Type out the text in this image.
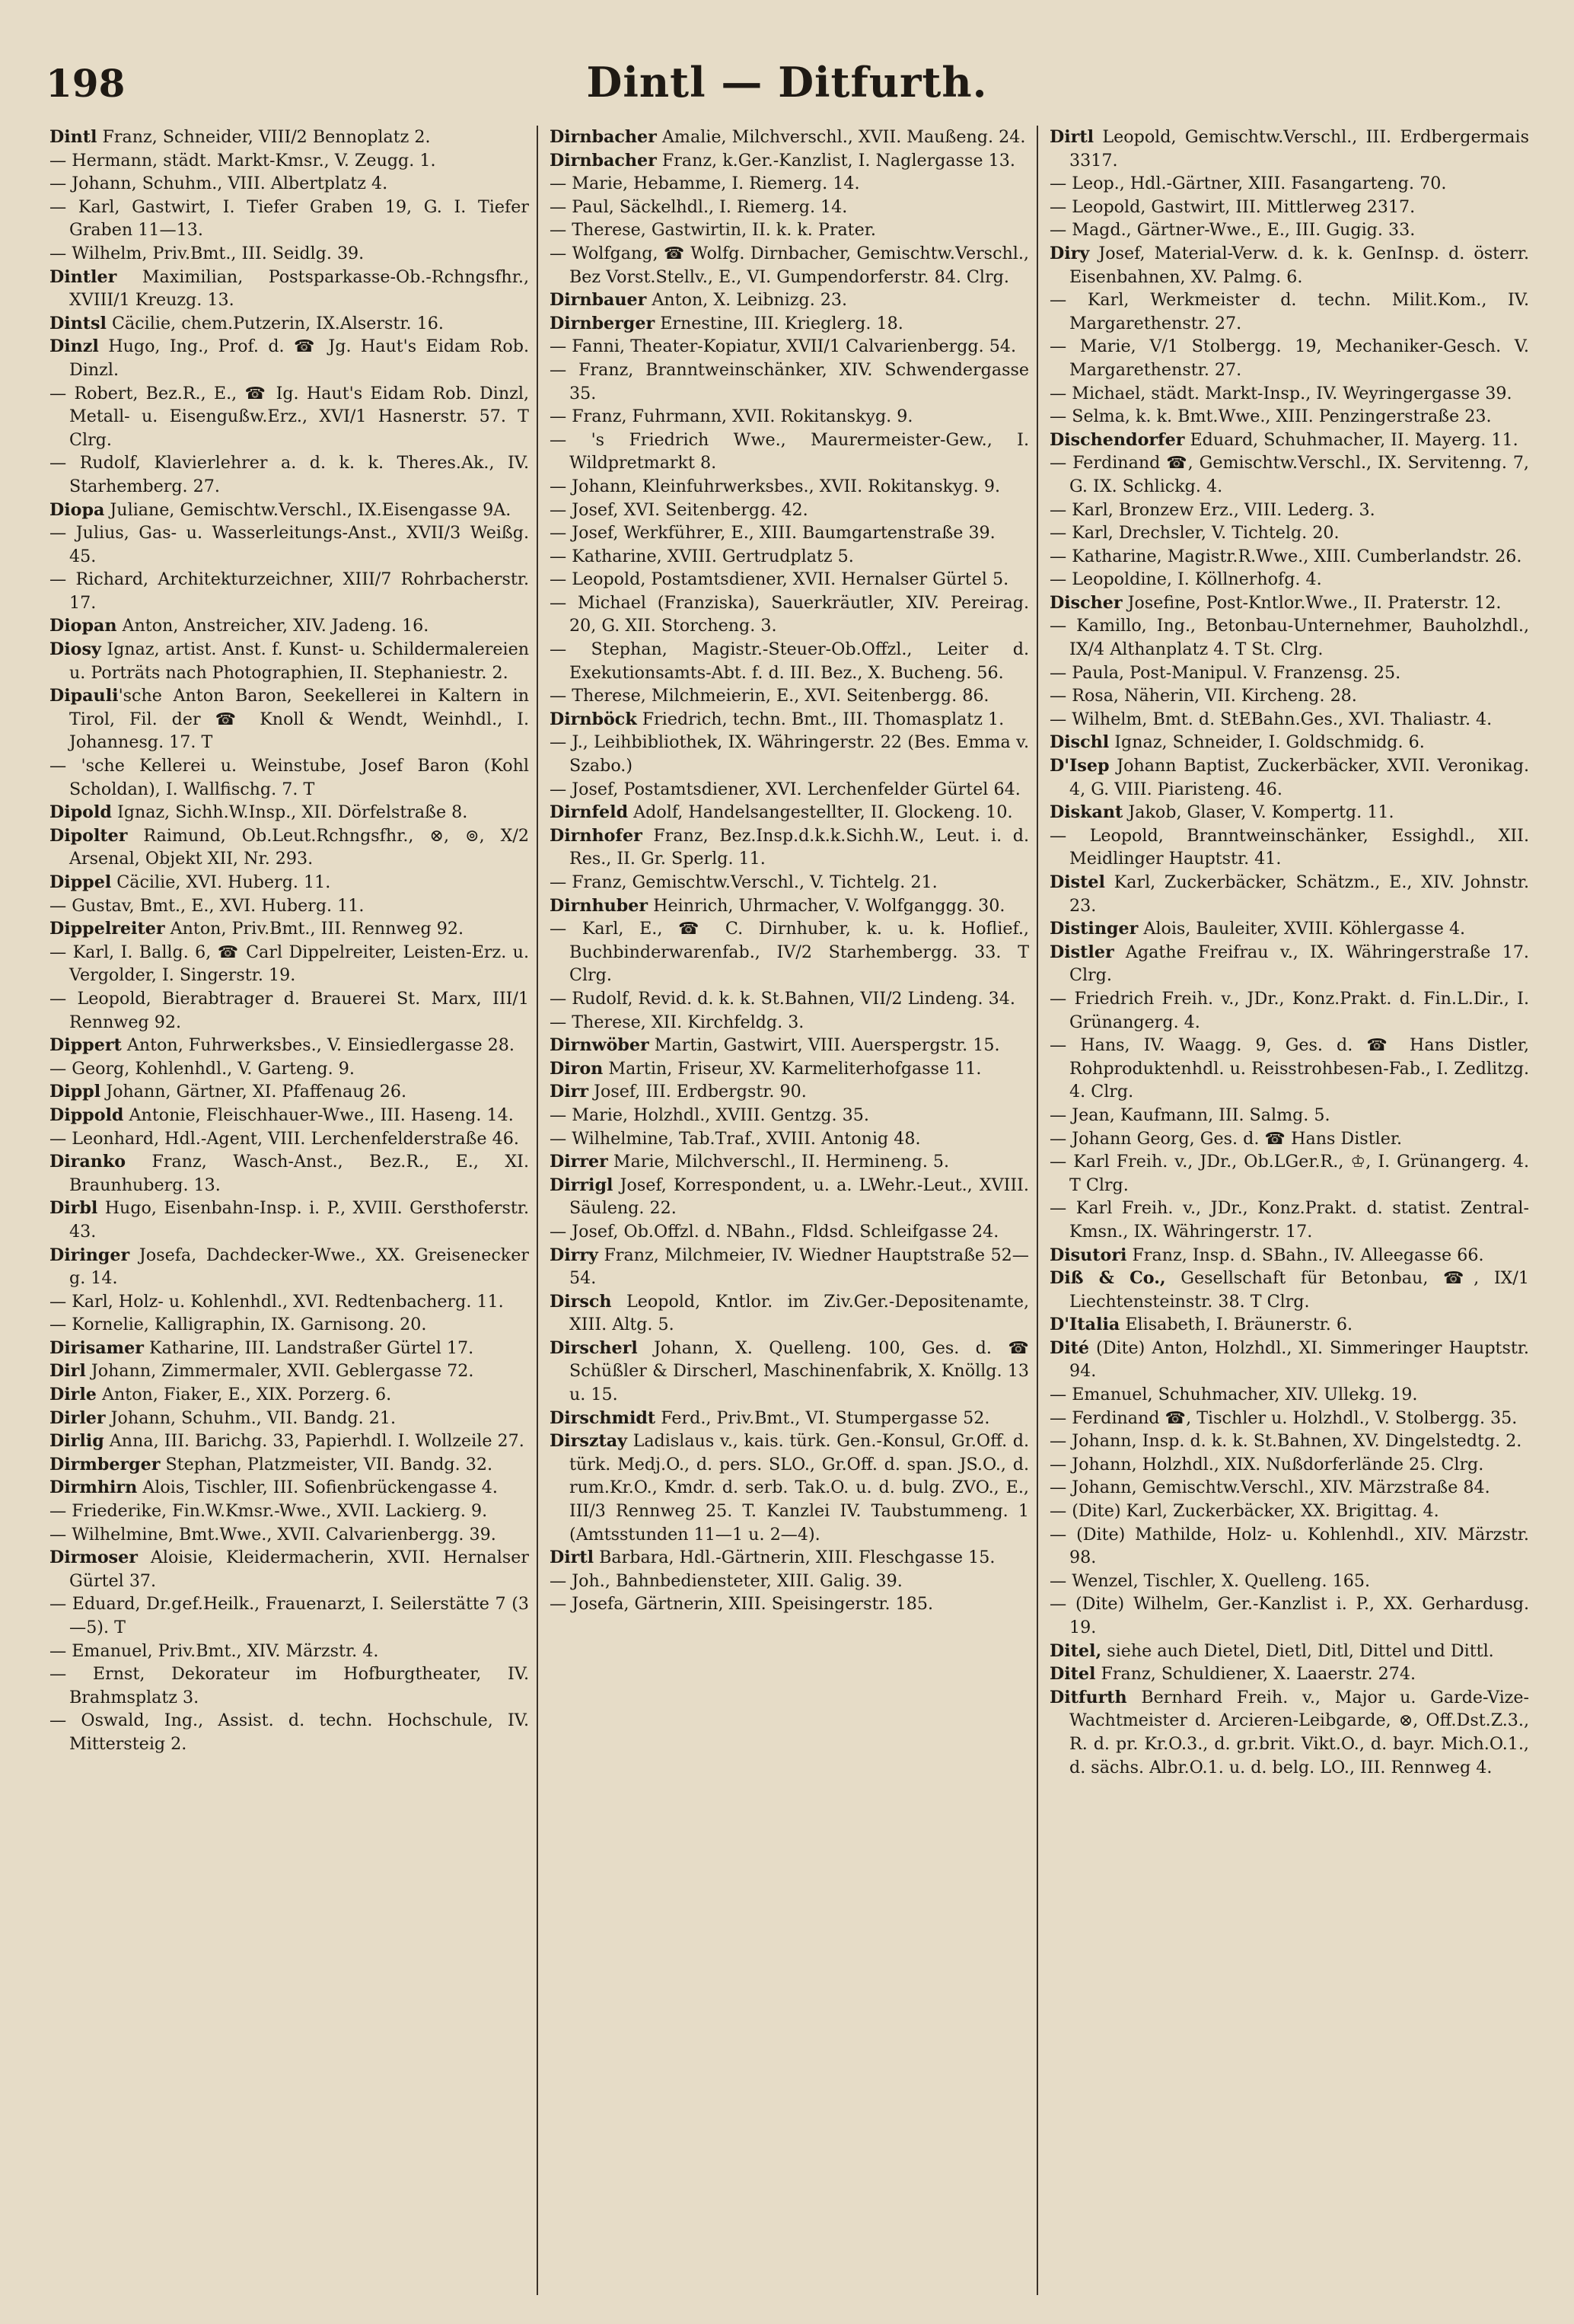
198	Dintl — Ditfurth.

Dintl Franz, Schneider, VIII/2 Bennoplatz 2.

— Hermann, städt. Markt-Kmsr., V. Zeugg. 1.

— Johann, Schuhm., VIII. Albertplatz 4.

— Karl, Gastwirt, I. Tiefer Graben 19, G. I. Tiefer Graben 11—13.

— Wilhelm, Priv.Bmt., III. Seidlg. 39.

Dintler Maximilian, Postsparkasse-Ob.-Rchngsfhr., XVIII/1 Kreuzg. 13.

Dintsl Cäcilie, chem.Putzerin, IX.Alserstr. 16.

Dinzl Hugo, Ing., Prof. d. ☎ Jg. Haut's Eidam Rob. Dinzl.

— Robert, Bez.R., E., ☎ Ig. Haut's Eidam Rob. Dinzl, Metall- u. Eisengußw.Erz., XVI/1 Hasnerstr. 57. T Clrg.

— Rudolf, Klavierlehrer a. d. k. k. Theres.Ak., IV. Starhemberg. 27.

Diopa Juliane, Gemischtw.Verschl., IX.Eisengasse 9A.

— Julius, Gas- u. Wasserleitungs-Anst., XVII/3 Weißg. 45.

— Richard, Architekturzeichner, XIII/7 Rohrbacherstr. 17.

Diopan Anton, Anstreicher, XIV. Jadeng. 16.

Diosy Ignaz, artist. Anst. f. Kunst- u. Schildermalereien u. Porträts nach Photographien, II. Stephaniestr. 2.

Dipauli'sche Anton Baron, Seekellerei in Kaltern in Tirol, Fil. der ☎ Knoll & Wendt, Weinhdl., I. Johannesg. 17. T

— 'sche Kellerei u. Weinstube, Josef Baron (Kohl Scholdan), I. Wallfischg. 7. T

Dipold Ignaz, Sichh.W.Insp., XII. Dörfelstraße 8.

Dipolter Raimund, Ob.Leut.Rchngsfhr., ⊗, ⊚, X/2 Arsenal, Objekt XII, Nr. 293.

Dippel Cäcilie, XVI. Huberg. 11.

— Gustav, Bmt., E., XVI. Huberg. 11.

Dippelreiter Anton, Priv.Bmt., III. Rennweg 92.

— Karl, I. Ballg. 6, ☎ Carl Dippelreiter, Leisten-Erz. u. Vergolder, I. Singerstr. 19.

— Leopold, Bierabtrager d. Brauerei St. Marx, III/1 Rennweg 92.

Dippert Anton, Fuhrwerksbes., V. Einsiedlergasse 28.

— Georg, Kohlenhdl., V. Garteng. 9.

Dippl Johann, Gärtner, XI. Pfaffenaug 26.

Dippold Antonie, Fleischhauer-Wwe., III. Haseng. 14.

— Leonhard, Hdl.-Agent, VIII. Lerchenfelderstraße 46.

Diranko Franz, Wasch-Anst., Bez.R., E., XI. Braunhuberg. 13.

Dirbl Hugo, Eisenbahn-Insp. i. P., XVIII. Gersthoferstr. 43.

Diringer Josefa, Dachdecker-Wwe., XX. Greisenecker g. 14.

— Karl, Holz- u. Kohlenhdl., XVI. Redtenbacherg. 11.

— Kornelie, Kalligraphin, IX. Garnisong. 20.

Dirisamer Katharine, III. Landstraßer Gürtel 17.

Dirl Johann, Zimmermaler, XVII. Geblergasse 72.

Dirle Anton, Fiaker, E., XIX. Porzerg. 6.

Dirler Johann, Schuhm., VII. Bandg. 21.

Dirlig Anna, III. Barichg. 33, Papierhdl. I. Wollzeile 27.

Dirmberger Stephan, Platzmeister, VII. Bandg. 32.

Dirmhirn Alois, Tischler, III. Sofienbrückengasse 4.

— Friederike, Fin.W.Kmsr.-Wwe., XVII. Lackierg. 9.

— Wilhelmine, Bmt.Wwe., XVII. Calvarienbergg. 39.

Dirmoser Aloisie, Kleidermacherin, XVII. Hernalser Gürtel 37.

— Eduard, Dr.gef.Heilk., Frauenarzt, I. Seilerstätte 7 (3—5). T

— Emanuel, Priv.Bmt., XIV. Märzstr. 4.

— Ernst, Dekorateur im Hofburgtheater, IV. Brahmsplatz 3.

— Oswald, Ing., Assist. d. techn. Hochschule, IV. Mittersteig 2.

Dirnbacher Amalie, Milchverschl., XVII. Maußeng. 24.

Dirnbacher Franz, k.Ger.-Kanzlist, I. Naglergasse 13.

— Marie, Hebamme, I. Riemerg. 14.

— Paul, Säckelhdl., I. Riemerg. 14.

— Therese, Gastwirtin, II. k. k. Prater.

— Wolfgang, ☎ Wolfg. Dirnbacher, Gemischtw.Verschl., Bez Vorst.Stellv., E., VI. Gumpendorferstr. 84. Clrg.

Dirnbauer Anton, X. Leibnizg. 23.

Dirnberger Ernestine, III. Krieglerg. 18.

— Fanni, Theater-Kopiatur, XVII/1 Calvarienbergg. 54.

— Franz, Branntweinschänker, XIV. Schwendergasse 35.

— Franz, Fuhrmann, XVII. Rokitanskyg. 9.

— 's Friedrich Wwe., Maurermeister-Gew., I. Wildpretmarkt 8.

— Johann, Kleinfuhrwerksbes., XVII. Rokitanskyg. 9.

— Josef, XVI. Seitenbergg. 42.

— Josef, Werkführer, E., XIII. Baumgartenstraße 39.

— Katharine, XVIII. Gertrudplatz 5.

— Leopold, Postamtsdiener, XVII. Hernalser Gürtel 5.

— Michael (Franziska), Sauerkräutler, XIV. Pereirag. 20, G. XII. Storcheng. 3.

— Stephan, Magistr.-Steuer-Ob.Offzl., Leiter d. Exekutionsamts-Abt. f. d. III. Bez., X. Bucheng. 56.

— Therese, Milchmeierin, E., XVI. Seitenbergg. 86.

Dirnböck Friedrich, techn. Bmt., III. Thomasplatz 1.

— J., Leihbibliothek, IX. Währingerstr. 22 (Bes. Emma v. Szabo.)

— Josef, Postamtsdiener, XVI. Lerchenfelder Gürtel 64.

Dirnfeld Adolf, Handelsangestellter, II. Glockeng. 10.

Dirnhofer Franz, Bez.Insp.d.k.k.Sichh.W., Leut. i. d. Res., II. Gr. Sperlg. 11.

— Franz, Gemischtw.Verschl., V. Tichtelg. 21.

Dirnhuber Heinrich, Uhrmacher, V. Wolfganggg. 30.

— Karl, E., ☎ C. Dirnhuber, k. u. k. Hoflief., Buchbinderwarenfab., IV/2 Starhembergg. 33. T Clrg.

— Rudolf, Revid. d. k. k. St.Bahnen, VII/2 Lindeng. 34.

— Therese, XII. Kirchfeldg. 3.

Dirnwöber Martin, Gastwirt, VIII. Auerspergstr. 15.

Diron Martin, Friseur, XV. Karmeliterhofgasse 11.

Dirr Josef, III. Erdbergstr. 90.

— Marie, Holzhdl., XVIII. Gentzg. 35.

— Wilhelmine, Tab.Traf., XVIII. Antonig 48.

Dirrer Marie, Milchverschl., II. Hermineng. 5.

Dirrigl Josef, Korrespondent, u. a. LWehr.-Leut., XVIII. Säuleng. 22.

— Josef, Ob.Offzl. d. NBahn., Fldsd. Schleifgasse 24.

Dirry Franz, Milchmeier, IV. Wiedner Hauptstraße 52—54.

Dirsch Leopold, Kntlor. im Ziv.Ger.-Depositenamte, XIII. Altg. 5.

Dirscherl Johann, X. Quelleng. 100, Ges. d. ☎ Schüßler & Dirscherl, Maschinenfabrik, X. Knöllg. 13 u. 15.

Dirschmidt Ferd., Priv.Bmt., VI. Stumpergasse 52.

Dirsztay Ladislaus v., kais. türk. Gen.-Konsul, Gr.Off. d. türk. Medj.O., d. pers. SLO., Gr.Off. d. span. JS.O., d. rum.Kr.O., Kmdr. d. serb. Tak.O. u. d. bulg. ZVO., E., III/3 Rennweg 25. T. Kanzlei IV. Taubstummeng. 1 (Amtsstunden 11—1 u. 2—4).

Dirtl Barbara, Hdl.-Gärtnerin, XIII. Fleschgasse 15.

— Joh., Bahnbediensteter, XIII. Galig. 39.

— Josefa, Gärtnerin, XIII. Speisingerstr. 185.

Dirtl Leopold, Gemischtw.Verschl., III. Erdbergermais 3317.

— Leop., Hdl.-Gärtner, XIII. Fasangarteng. 70.

— Leopold, Gastwirt, III. Mittlerweg 2317.

— Magd., Gärtner-Wwe., E., III. Gugig. 33.

Diry Josef, Material-Verw. d. k. k. GenInsp. d. österr. Eisenbahnen, XV. Palmg. 6.

— Karl, Werkmeister d. techn. Milit.Kom., IV. Margarethenstr. 27.

— Marie, V/1 Stolbergg. 19, Mechaniker-Gesch. V. Margarethenstr. 27.

— Michael, städt. Markt-Insp., IV. Weyringergasse 39.

— Selma, k. k. Bmt.Wwe., XIII. Penzingerstraße 23.

Dischendorfer Eduard, Schuhmacher, II. Mayerg. 11.

— Ferdinand ☎, Gemischtw.Verschl., IX. Servitenng. 7, G. IX. Schlickg. 4.

— Karl, Bronzew Erz., VIII. Lederg. 3.

— Karl, Drechsler, V. Tichtelg. 20.

— Katharine, Magistr.R.Wwe., XIII. Cumberlandstr. 26.

— Leopoldine, I. Köllnerhofg. 4.

Discher Josefine, Post-Kntlor.Wwe., II. Praterstr. 12.

— Kamillo, Ing., Betonbau-Unternehmer, Bauholzhdl., IX/4 Althanplatz 4. T St. Clrg.

— Paula, Post-Manipul. V. Franzensg. 25.

— Rosa, Näherin, VII. Kircheng. 28.

— Wilhelm, Bmt. d. StEBahn.Ges., XVI. Thaliastr. 4.

Dischl Ignaz, Schneider, I. Goldschmidg. 6.

D'Isep Johann Baptist, Zuckerbäcker, XVII. Veronikag. 4, G. VIII. Piaristeng. 46.

Diskant Jakob, Glaser, V. Kompertg. 11.

— Leopold, Branntweinschänker, Essighdl., XII. Meidlinger Hauptstr. 41.

Distel Karl, Zuckerbäcker, Schätzm., E., XIV. Johnstr. 23.

Distinger Alois, Bauleiter, XVIII. Köhlergasse 4.

Distler Agathe Freifrau v., IX. Währingerstraße 17. Clrg.

— Friedrich Freih. v., JDr., Konz.Prakt. d. Fin.L.Dir., I. Grünangerg. 4.

— Hans, IV. Waagg. 9, Ges. d. ☎ Hans Distler, Rohproduktenhdl. u. Reisstrohbesen-Fab., I. Zedlitzg. 4. Clrg.

— Jean, Kaufmann, III. Salmg. 5.

— Johann Georg, Ges. d. ☎ Hans Distler.

— Karl Freih. v., JDr., Ob.LGer.R., ♔, I. Grünangerg. 4. T Clrg.

— Karl Freih. v., JDr., Konz.Prakt. d. statist. Zentral-Kmsn., IX. Währingerstr. 17.

Disutori Franz, Insp. d. SBahn., IV. Alleegasse 66.

Diß & Co., Gesellschaft für Betonbau, ☎, IX/1 Liechtensteinstr. 38. T Clrg.

D'Italia Elisabeth, I. Bräunerstr. 6.

Dité (Dite) Anton, Holzhdl., XI. Simmeringer Hauptstr. 94.

— Emanuel, Schuhmacher, XIV. Ullekg. 19.

— Ferdinand ☎, Tischler u. Holzhdl., V. Stolbergg. 35.

— Johann, Insp. d. k. k. St.Bahnen, XV. Dingelstedtg. 2.

— Johann, Holzhdl., XIX. Nußdorferlände 25. Clrg.

— Johann, Gemischtw.Verschl., XIV. Märzstraße 84.

— (Dite) Karl, Zuckerbäcker, XX. Brigittag. 4.

— (Dite) Mathilde, Holz- u. Kohlenhdl., XIV. Märzstr. 98.

— Wenzel, Tischler, X. Quelleng. 165.

— (Dite) Wilhelm, Ger.-Kanzlist i. P., XX. Gerhardusg. 19.

Ditel, siehe auch Dietel, Dietl, Ditl, Dittel und Dittl.

Ditel Franz, Schuldiener, X. Laaerstr. 274.

Ditfurth Bernhard Freih. v., Major u. Garde-Vize-Wachtmeister d. Arcieren-Leibgarde, ⊗, Off.Dst.Z.3., R. d. pr. Kr.O.3., d. gr.brit. Vikt.O., d. bayr. Mich.O.1., d. sächs. Albr.O.1. u. d. belg. LO., III. Rennweg 4.
